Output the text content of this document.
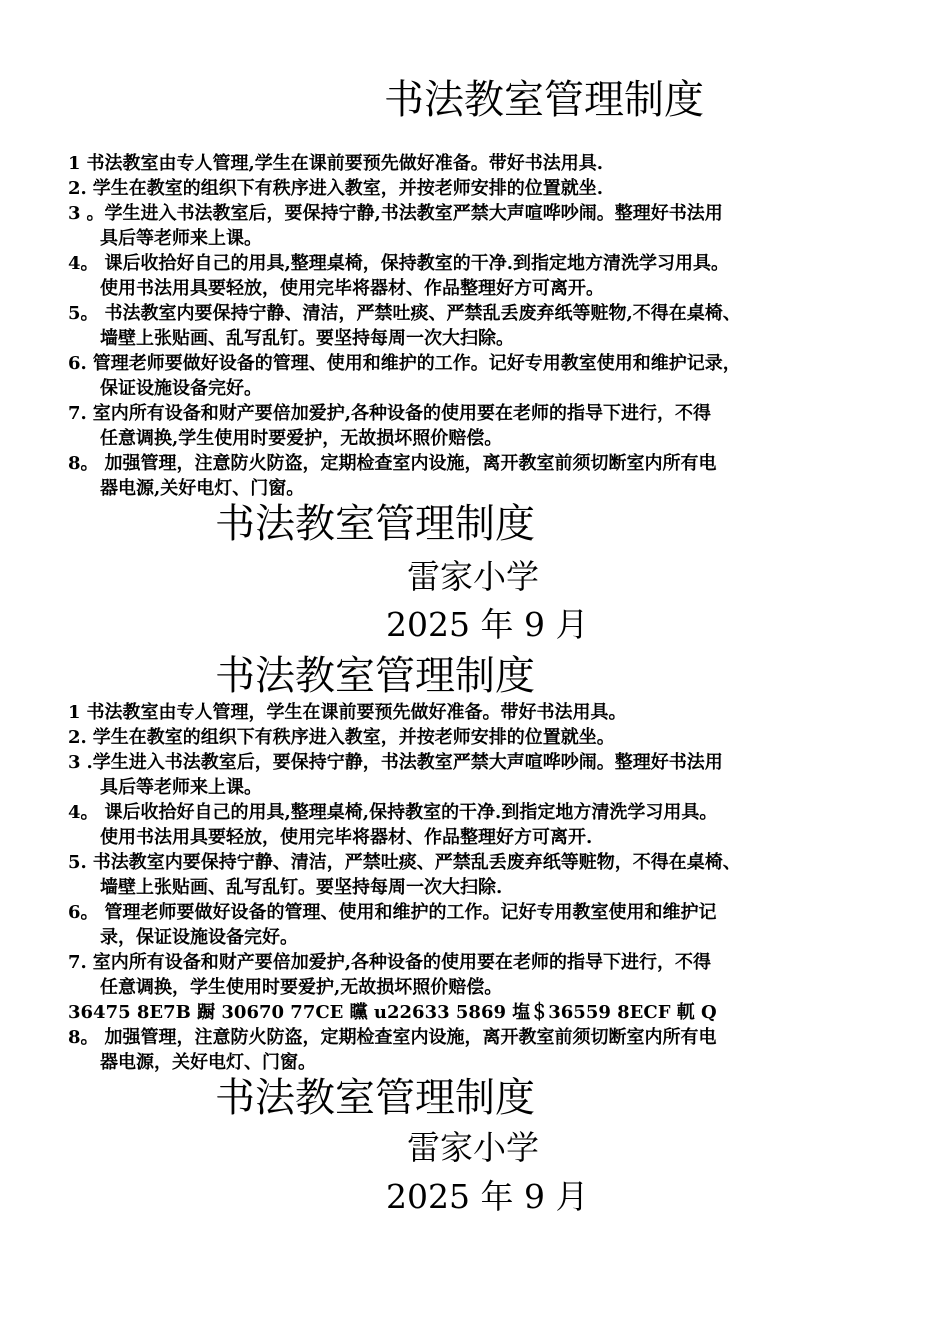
书法教室管理制度
1 书法教室由专人管理,学生在课前要预先做好准备。带好书法用具.
2. 学生在教室的组织下有秩序进入教室，并按老师安排的位置就坐.
3 。学生进入书法教室后，要保持宁静,书法教室严禁大声喧哗吵闹。整理好书法用
具后等老师来上课。
4。 课后收拾好自己的用具,整理桌椅，保持教室的干净.到指定地方清洗学习用具。
使用书法用具要轻放，使用完毕将器材、作品整理好方可离开。
5。 书法教室内要保持宁静、清洁，严禁吐痰、严禁乱丢废弃纸等赃物,不得在桌椅、
墙壁上张贴画、乱写乱钉。要坚持每周一次大扫除。
6. 管理老师要做好设备的管理、使用和维护的工作。记好专用教室使用和维护记录，
保证设施设备完好。
7. 室内所有设备和财产要倍加爱护,各种设备的使用要在老师的指导下进行，不得
任意调换,学生使用时要爱护，无故损坏照价赔偿。
8。 加强管理，注意防火防盗，定期检查室内设施，离开教室前须切断室内所有电
器电源,关好电灯、门窗。
书法教室管理制度
雷家小学
2025 年 9 月
书法教室管理制度
1 书法教室由专人管理，学生在课前要预先做好准备。带好书法用具。
2. 学生在教室的组织下有秩序进入教室，并按老师安排的位置就坐。
3 .学生进入书法教室后，要保持宁静，书法教室严禁大声喧哗吵闹。整理好书法用
具后等老师来上课。
4。 课后收拾好自己的用具,整理桌椅,保持教室的干净.到指定地方清洗学习用具。
使用书法用具要轻放，使用完毕将器材、作品整理好方可离开.
5. 书法教室内要保持宁静、清洁，严禁吐痰、严禁乱丢废弃纸等赃物，不得在桌椅、
墙壁上张贴画、乱写乱钉。要坚持每周一次大扫除.
6。 管理老师要做好设备的管理、使用和维护的工作。记好专用教室使用和维护记
录，保证设施设备完好。
7. 室内所有设备和财产要倍加爱护,各种设备的使用要在老师的指导下进行，不得
任意调换，学生使用时要爱护,无故损坏照价赔偿。
36475 8E7B 蹰 30670 77CE 矘 u22633 5869 塩＄36559 8ECF 軏 Q
8。 加强管理，注意防火防盗，定期检查室内设施，离开教室前须切断室内所有电
器电源，关好电灯、门窗。
书法教室管理制度
雷家小学
2025 年 9 月
